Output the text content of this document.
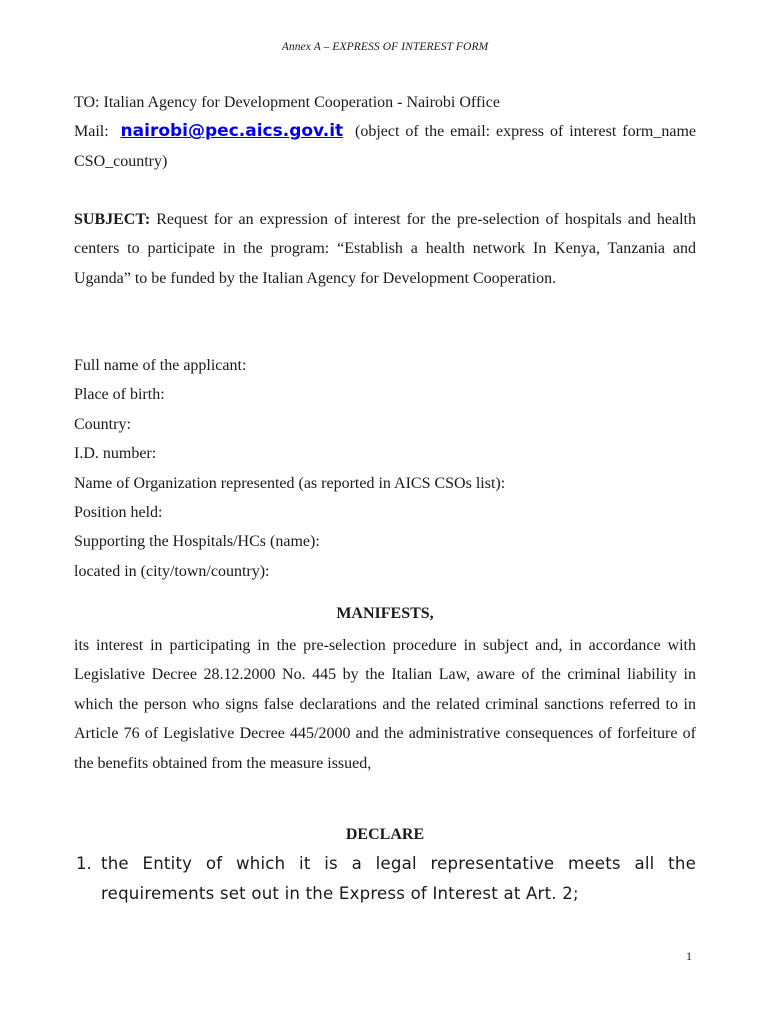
Annex A – EXPRESS OF INTEREST FORM
TO: Italian Agency for Development Cooperation - Nairobi Office
Mail: nairobi@pec.aics.gov.it (object of the email: express of interest form_name CSO_country)
SUBJECT: Request for an expression of interest for the pre-selection of hospitals and health centers to participate in the program: “Establish a health network In Kenya, Tanzania and Uganda” to be funded by the Italian Agency for Development Cooperation.
Full name of the applicant:
Place of birth:
Country:
I.D. number:
Name of Organization represented (as reported in AICS CSOs list):
Position held:
Supporting the Hospitals/HCs (name):
located in (city/town/country):
MANIFESTS,
its interest in participating in the pre-selection procedure in subject and, in accordance with Legislative Decree 28.12.2000 No. 445 by the Italian Law, aware of the criminal liability in which the person who signs false declarations and the related criminal sanctions referred to in Article 76 of Legislative Decree 445/2000 and the administrative consequences of forfeiture of the benefits obtained from the measure issued,
DECLARE
1. the Entity of which it is a legal representative meets all the requirements set out in the Express of Interest at Art. 2;
1
